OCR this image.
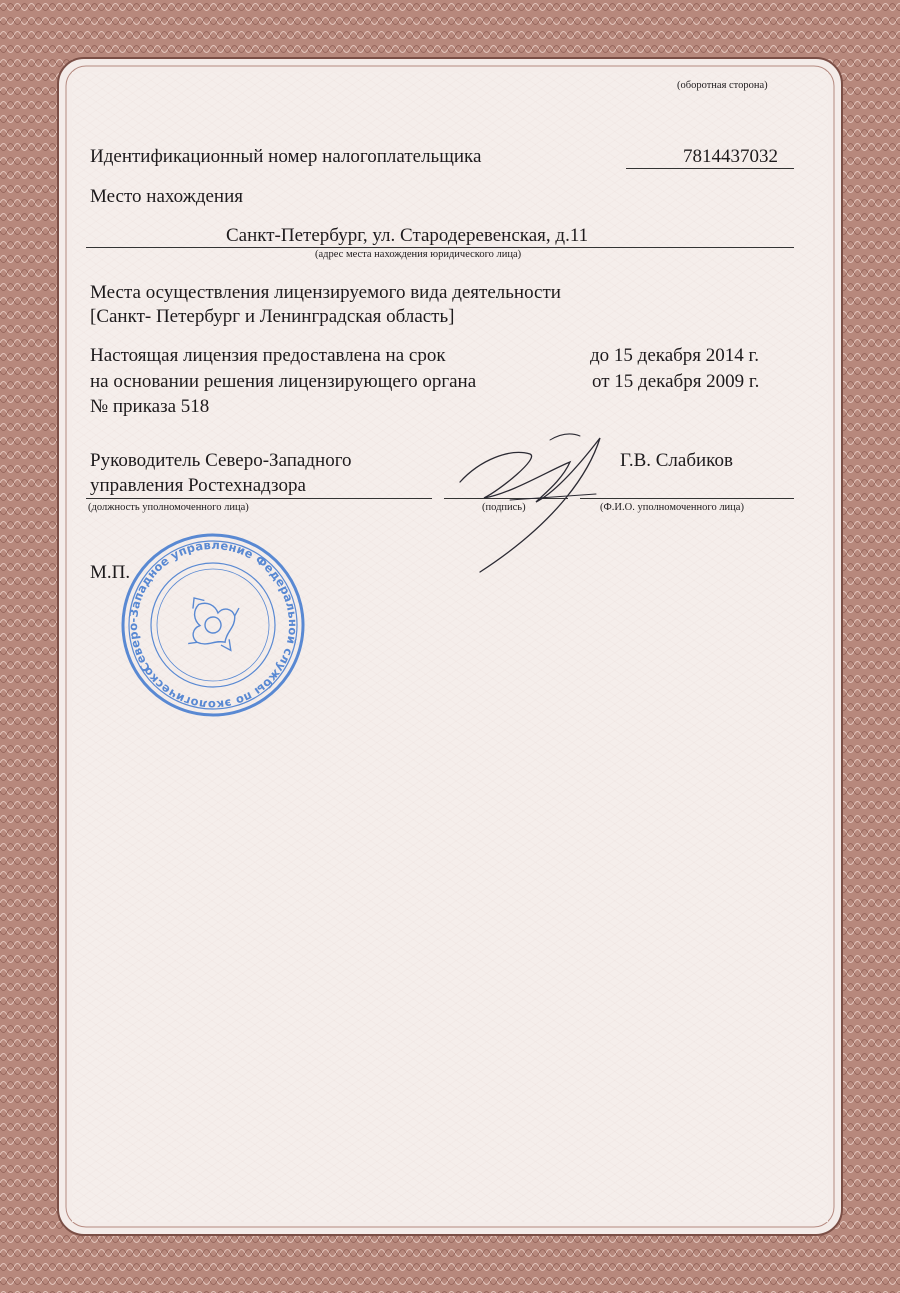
(оборотная сторона)
Идентификационный номер налогоплательщика	7814437032
Место нахождения
Санкт-Петербург, ул. Стародеревенская, д.11
(адрес места нахождения юридического лица)
Места осуществления лицензируемого вида деятельности
[Санкт- Петербург и Ленинградская область]
Настоящая лицензия предоставлена на срок	до 15 декабря 2014 г.
на основании решения лицензирующего органа	от 15 декабря 2009 г.
№ приказа 518
Руководитель Северо-Западного
управления Ростехнадзора
Г.В. Слабиков
(должность уполномоченного лица)	(подпись)	(Ф.И.О. уполномоченного лица)
М.П.
Северо-Западное управление Федеральной службы по экологическому,
